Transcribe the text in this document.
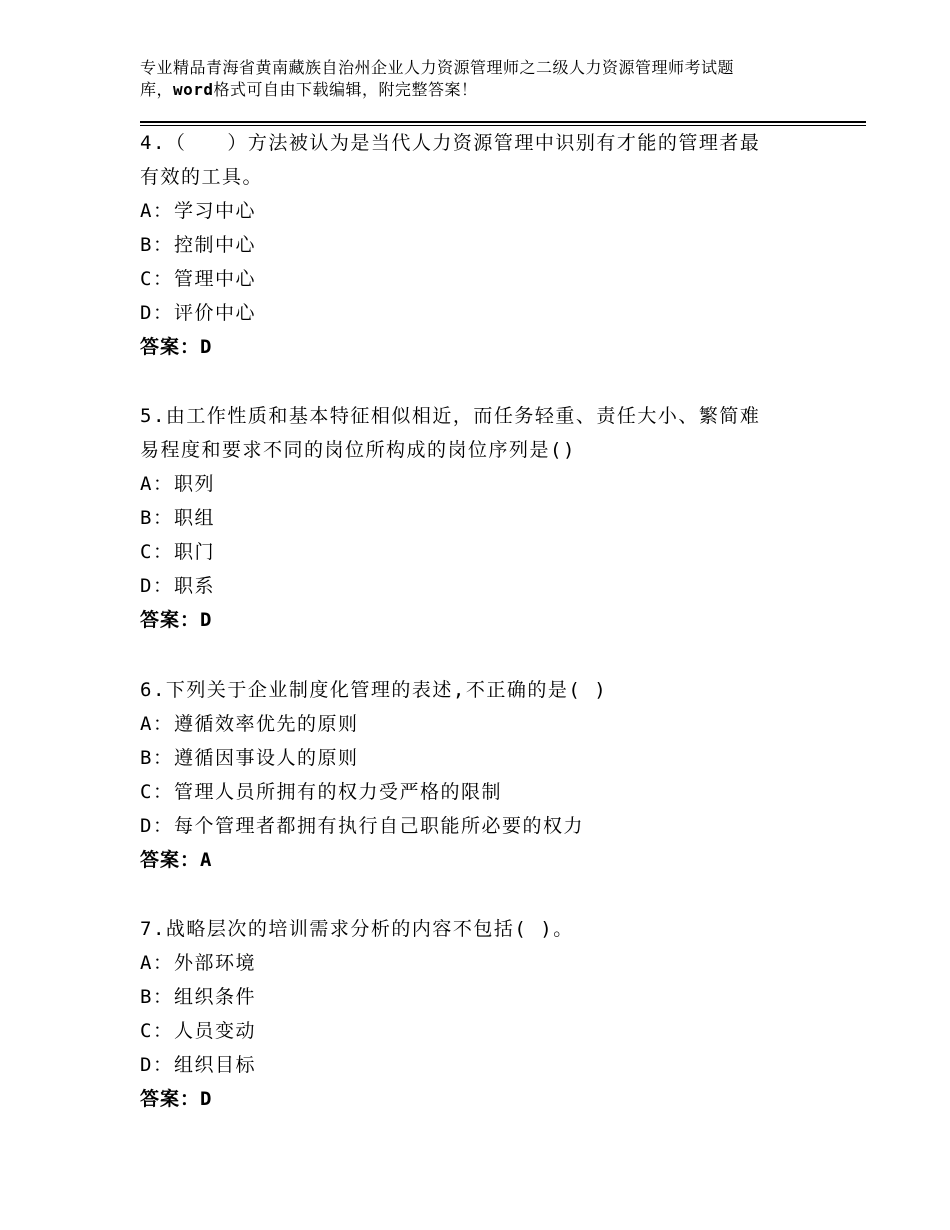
专业精品青海省黄南藏族自治州企业人力资源管理师之二级人力资源管理师考试题
库，word格式可自由下载编辑，附完整答案！

4.（　　）方法被认为是当代人力资源管理中识别有才能的管理者最

有效的工具。

A：学习中心

B：控制中心

C：管理中心

D：评价中心

答案：D

5.由工作性质和基本特征相似相近，而任务轻重、责任大小、繁简难

易程度和要求不同的岗位所构成的岗位序列是()

A：职列

B：职组

C：职门

D：职系

答案：D

6.下列关于企业制度化管理的表述,不正确的是( )

A：遵循效率优先的原则

B：遵循因事设人的原则

C：管理人员所拥有的权力受严格的限制

D：每个管理者都拥有执行自己职能所必要的权力

答案：A

7.战略层次的培训需求分析的内容不包括( )。

A：外部环境

B：组织条件

C：人员变动

D：组织目标

答案：D
